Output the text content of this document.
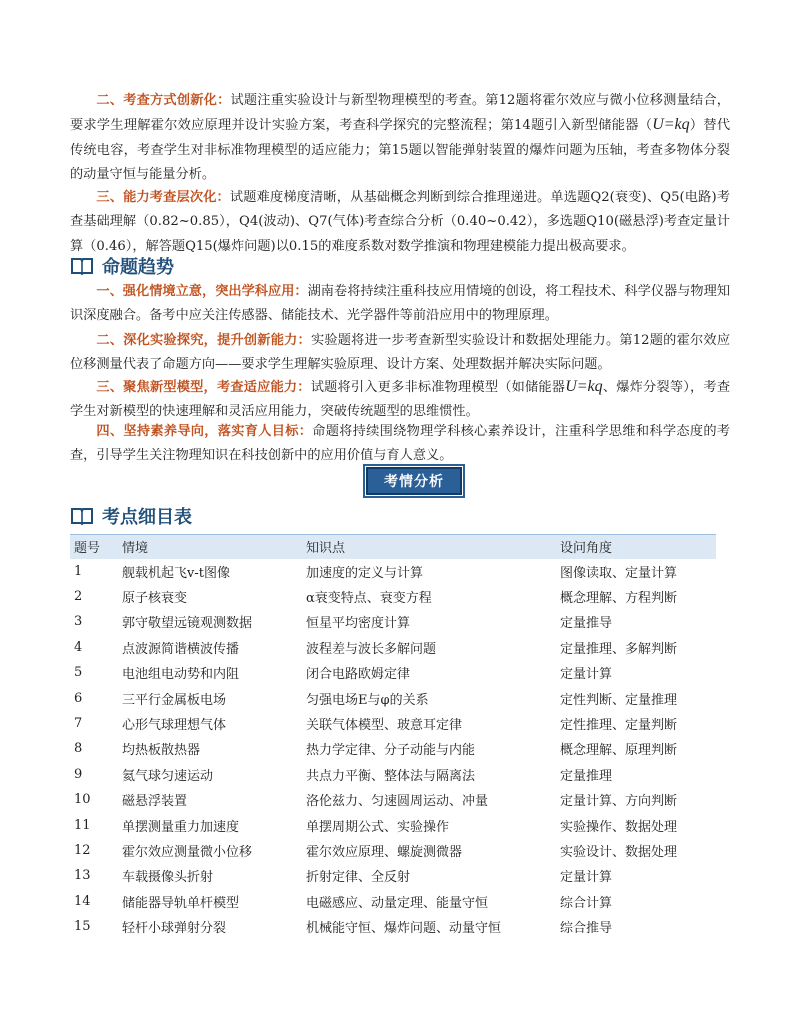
二、考查方式创新化：试题注重实验设计与新型物理模型的考查。第12题将霍尔效应与微小位移测量结合，要求学生理解霍尔效应原理并设计实验方案，考查科学探究的完整流程；第14题引入新型储能器（U=kq）替代传统电容，考查学生对非标准物理模型的适应能力；第15题以智能弹射装置的爆炸问题为压轴，考查多物体分裂的动量守恒与能量分析。

三、能力考查层次化：试题难度梯度清晰，从基础概念判断到综合推理递进。单选题Q2(衰变)、Q5(电路)考查基础理解（0.82~0.85），Q4(波动)、Q7(气体)考查综合分析（0.40~0.42），多选题Q10(磁悬浮)考查定量计算（0.46），解答题Q15(爆炸问题)以0.15的难度系数对数学推演和物理建模能力提出极高要求。

命题趋势

一、强化情境立意，突出学科应用：湖南卷将持续注重科技应用情境的创设，将工程技术、科学仪器与物理知识深度融合。备考中应关注传感器、储能技术、光学器件等前沿应用中的物理原理。

二、深化实验探究，提升创新能力：实验题将进一步考查新型实验设计和数据处理能力。第12题的霍尔效应位移测量代表了命题方向——要求学生理解实验原理、设计方案、处理数据并解决实际问题。

三、聚焦新型模型，考查适应能力：试题将引入更多非标准物理模型（如储能器U=kq、爆炸分裂等），考查学生对新模型的快速理解和灵活应用能力，突破传统题型的思维惯性。

四、坚持素养导向，落实育人目标：命题将持续围绕物理学科核心素养设计，注重科学思维和科学态度的考查，引导学生关注物理知识在科技创新中的应用价值与育人意义。

考情分析
考点细目表
题号	情境	知识点	设问角度
1	舰载机起飞v-t图像	加速度的定义与计算	图像读取、定量计算
2	原子核衰变	α衰变特点、衰变方程	概念理解、方程判断
3	郭守敬望远镜观测数据	恒星平均密度计算	定量推导
4	点波源简谐横波传播	波程差与波长多解问题	定量推理、多解判断
5	电池组电动势和内阻	闭合电路欧姆定律	定量计算
6	三平行金属板电场	匀强电场E与φ的关系	定性判断、定量推理
7	心形气球理想气体	关联气体模型、玻意耳定律	定性推理、定量判断
8	均热板散热器	热力学定律、分子动能与内能	概念理解、原理判断
9	氦气球匀速运动	共点力平衡、整体法与隔离法	定量推理
10	磁悬浮装置	洛伦兹力、匀速圆周运动、冲量	定量计算、方向判断
11	单摆测量重力加速度	单摆周期公式、实验操作	实验操作、数据处理
12	霍尔效应测量微小位移	霍尔效应原理、螺旋测微器	实验设计、数据处理
13	车载摄像头折射	折射定律、全反射	定量计算
14	储能器导轨单杆模型	电磁感应、动量定理、能量守恒	综合计算
15	轻杆小球弹射分裂	机械能守恒、爆炸问题、动量守恒	综合推导
